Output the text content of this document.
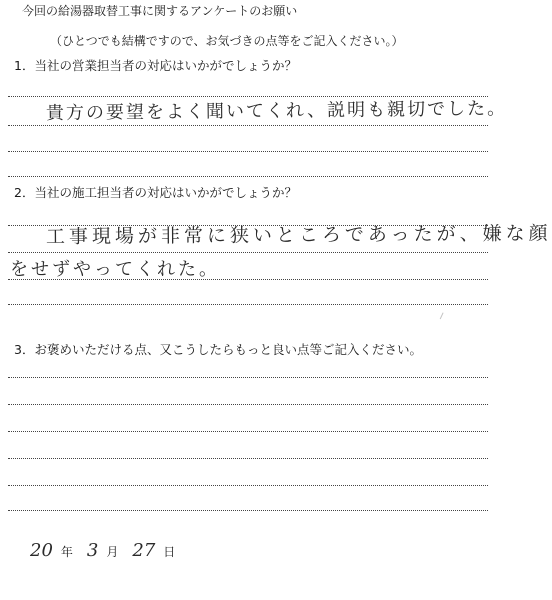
今回の給湯器取替工事に関するアンケートのお願い
（ひとつでも結構ですので、お気づきの点等をご記入ください。）
1．当社の営業担当者の対応はいかがでしょうか？
貴方の要望をよく聞いてくれ、説明も親切でした。
2．当社の施工担当者の対応はいかがでしょうか？
工事現場が非常に狭いところであったが、嫌な顔
をせずやってくれた。
3．お褒めいただける点、又こうしたらもっと良い点等ご記入ください。
20 年 3 月 27 日
